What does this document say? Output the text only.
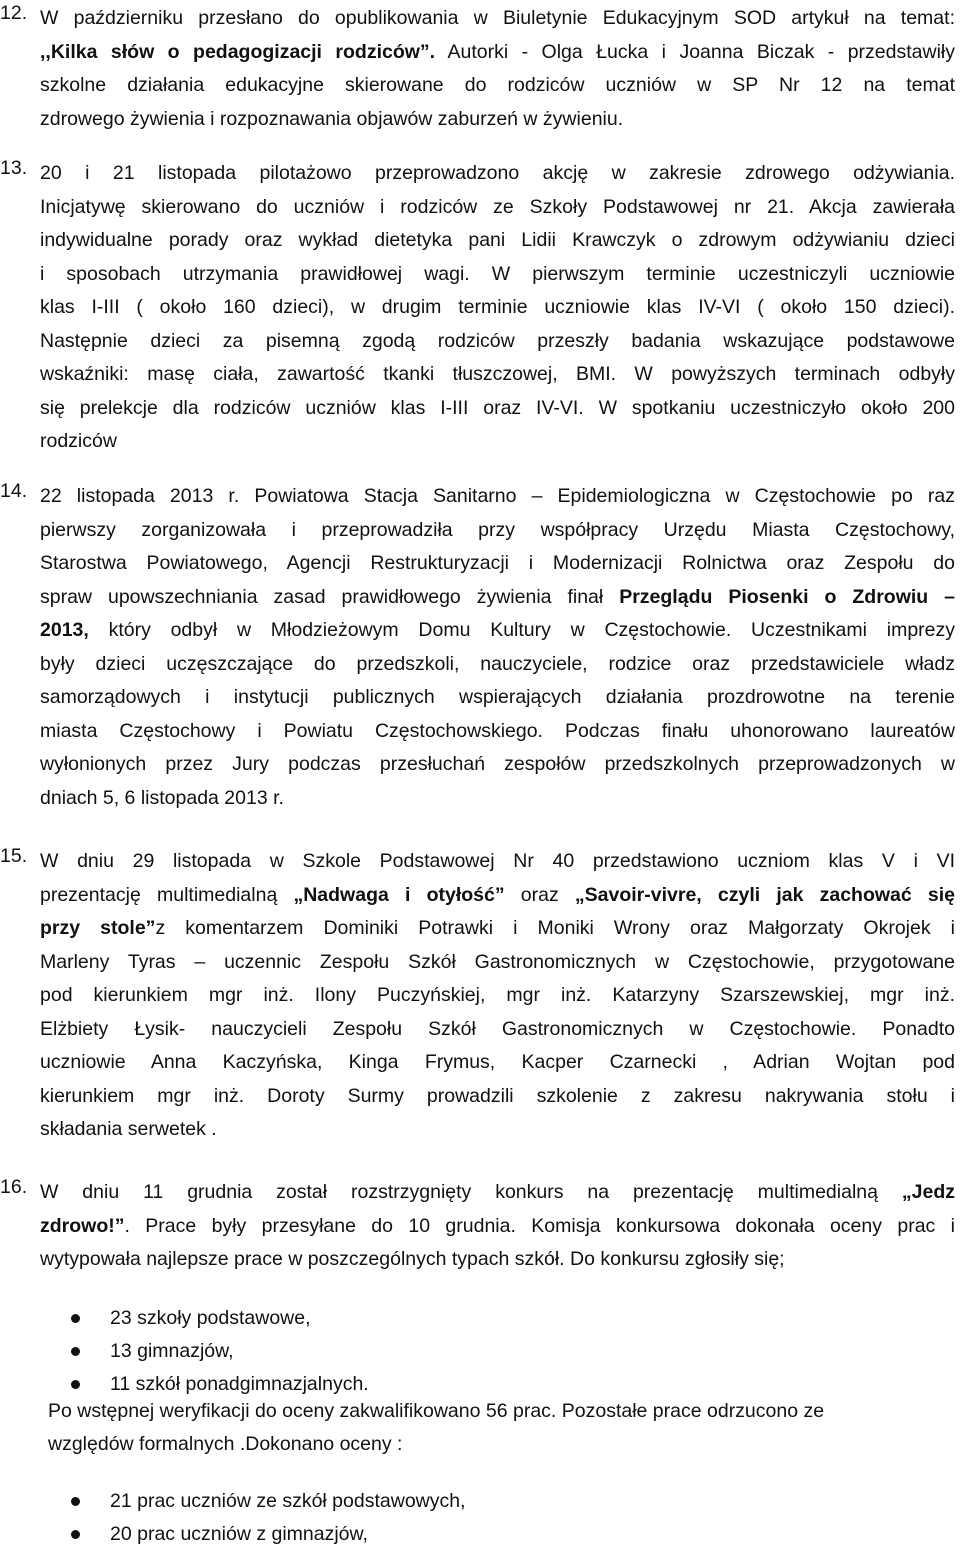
12. W październiku przesłano do opublikowania w Biuletynie Edukacyjnym SOD artykuł na temat:
,,Kilka słów o pedagogizacji rodziców”. Autorki - Olga Łucka i Joanna Biczak - przedstawiły
szkolne działania edukacyjne skierowane do rodziców uczniów w SP Nr 12 na temat
zdrowego żywienia i rozpoznawania objawów zaburzeń w żywieniu.
13. 20 i 21 listopada pilotażowo przeprowadzono akcję w zakresie zdrowego odżywiania.
Inicjatywę skierowano do uczniów i rodziców ze Szkoły Podstawowej nr 21. Akcja zawierała
indywidualne porady oraz wykład dietetyka pani Lidii Krawczyk o zdrowym odżywianiu dzieci
i sposobach utrzymania prawidłowej wagi. W pierwszym terminie uczestniczyli uczniowie
klas I-III ( około 160 dzieci), w drugim terminie uczniowie klas IV-VI ( około 150 dzieci).
Następnie dzieci za pisemną zgodą rodziców przeszły badania wskazujące podstawowe
wskaźniki: masę ciała, zawartość tkanki tłuszczowej, BMI. W powyższych terminach odbyły
się prelekcje dla rodziców uczniów klas I-III oraz IV-VI. W spotkaniu uczestniczyło około 200
rodziców
14. 22 listopada 2013 r. Powiatowa Stacja Sanitarno – Epidemiologiczna w Częstochowie po raz
pierwszy zorganizowała i przeprowadziła przy współpracy Urzędu Miasta Częstochowy,
Starostwa Powiatowego, Agencji Restrukturyzacji i Modernizacji Rolnictwa oraz Zespołu do
spraw upowszechniania zasad prawidłowego żywienia finał Przeglądu Piosenki o Zdrowiu –
2013, który odbył w Młodzieżowym Domu Kultury w Częstochowie. Uczestnikami imprezy
były dzieci uczęszczające do przedszkoli, nauczyciele, rodzice oraz przedstawiciele władz
samorządowych i instytucji publicznych wspierających działania prozdrowotne na terenie
miasta Częstochowy i Powiatu Częstochowskiego. Podczas finału uhonorowano laureatów
wyłonionych przez Jury podczas przesłuchań zespołów przedszkolnych przeprowadzonych w
dniach 5, 6 listopada 2013 r.
15. W dniu 29 listopada w Szkole Podstawowej Nr 40 przedstawiono uczniom klas V i VI
prezentację multimedialną „Nadwaga i otyłość” oraz „Savoir-vivre, czyli jak zachować się
przy stole”z komentarzem Dominiki Potrawki i Moniki Wrony oraz Małgorzaty Okrojek i
Marleny Tyras – uczennic Zespołu Szkół Gastronomicznych w Częstochowie, przygotowane
pod kierunkiem mgr inż. Ilony Puczyńskiej, mgr inż. Katarzyny Szarszewskiej, mgr inż.
Elżbiety Łysik- nauczycieli Zespołu Szkół Gastronomicznych w Częstochowie. Ponadto
uczniowie Anna Kaczyńska, Kinga Frymus, Kacper Czarnecki , Adrian Wojtan pod
kierunkiem mgr inż. Doroty Surmy prowadzili szkolenie z zakresu nakrywania stołu i
składania serwetek .
16. W dniu 11 grudnia został rozstrzygnięty konkurs na prezentację multimedialną „Jedz
zdrowo!”. Prace były przesyłane do 10 grudnia. Komisja konkursowa dokonała oceny prac i
wytypowała najlepsze prace w poszczególnych typach szkół. Do konkursu zgłosiły się;
23 szkoły podstawowe,
13 gimnazjów,
11 szkół ponadgimnazjalnych.
Po wstępnej weryfikacji do oceny zakwalifikowano 56 prac. Pozostałe prace odrzucono ze
względów formalnych .Dokonano oceny :
21 prac uczniów ze szkół podstawowych,
20 prac uczniów z gimnazjów,
